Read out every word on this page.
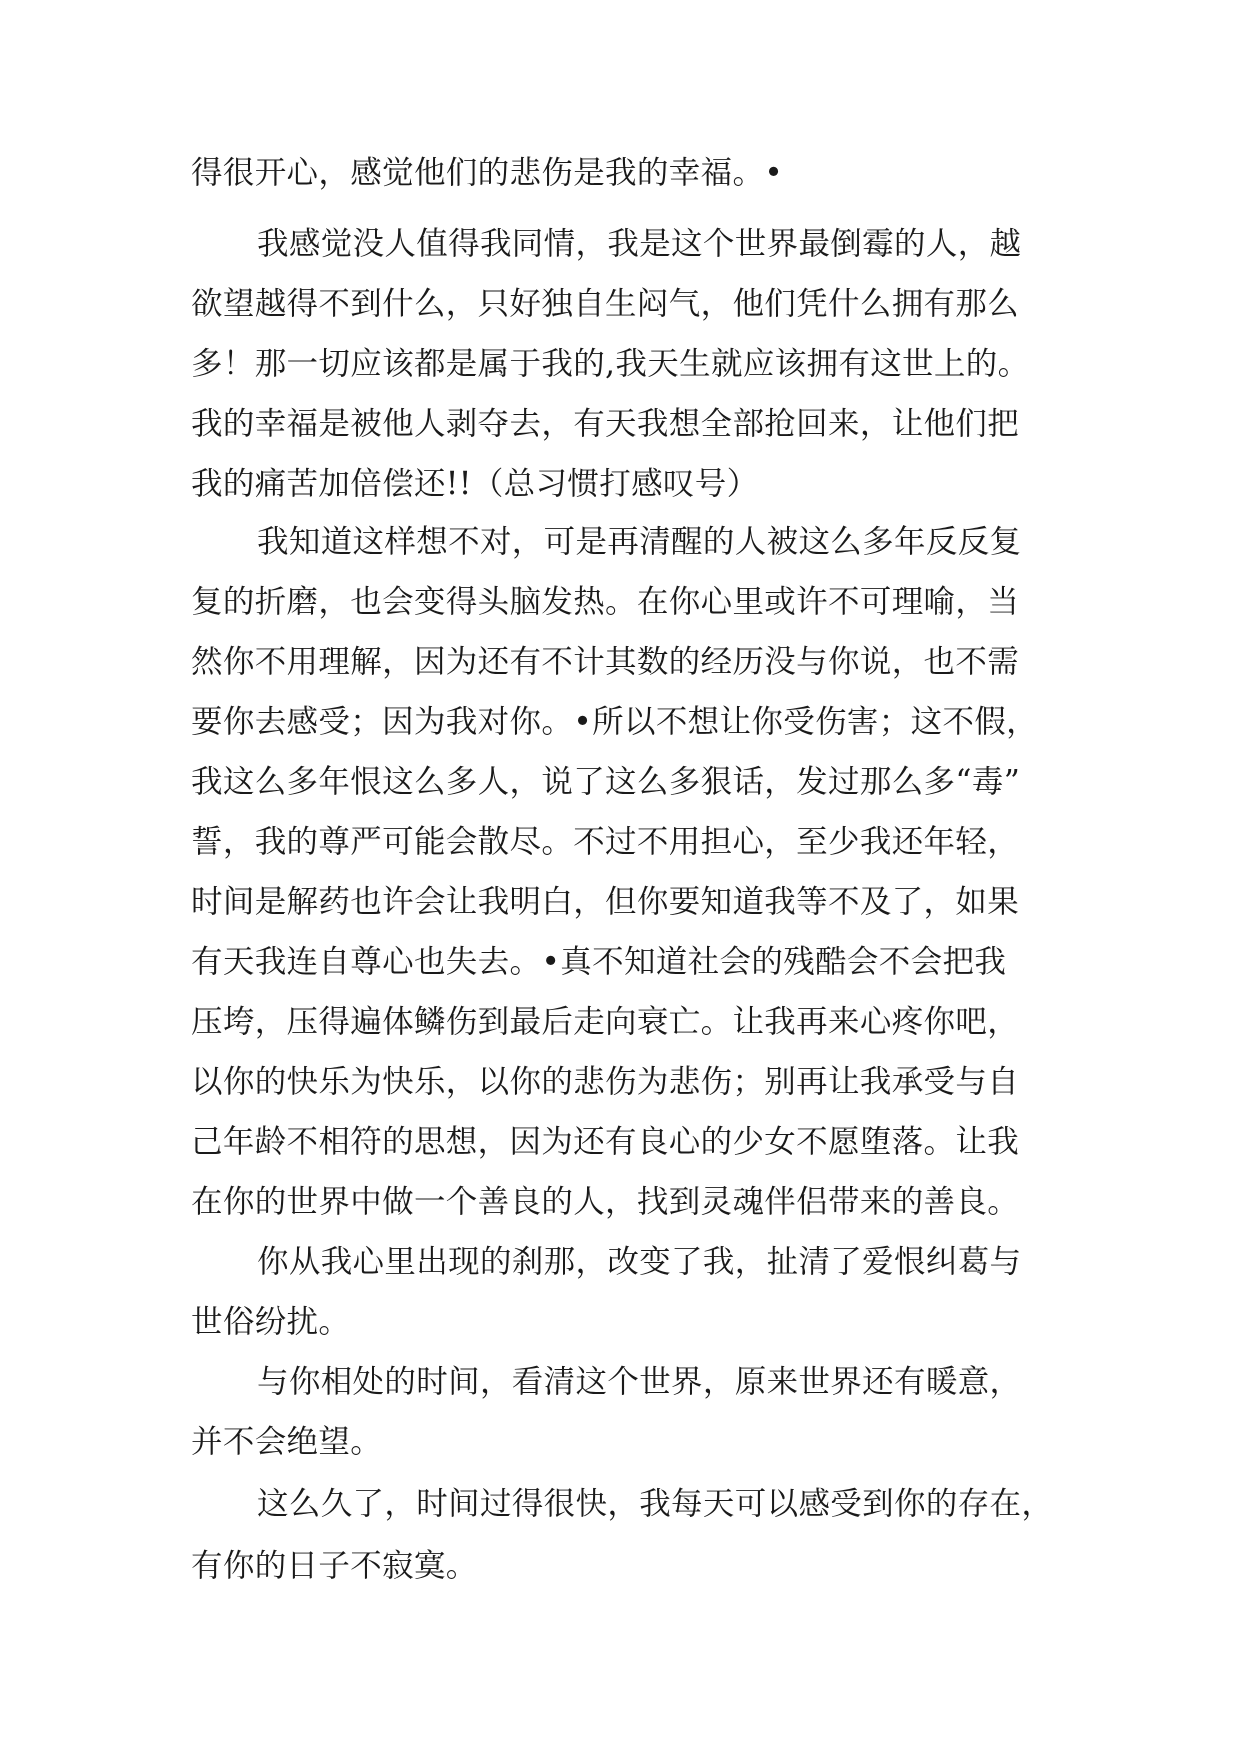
得很开心，感觉他们的悲伤是我的幸福。•
我感觉没人值得我同情，我是这个世界最倒霉的人，越
欲望越得不到什么，只好独自生闷气，他们凭什么拥有那么
多！那一切应该都是属于我的,我天生就应该拥有这世上的。
我的幸福是被他人剥夺去，有天我想全部抢回来，让他们把
我的痛苦加倍偿还!!（总习惯打感叹号）
我知道这样想不对，可是再清醒的人被这么多年反反复
复的折磨，也会变得头脑发热。在你心里或许不可理喻，当
然你不用理解，因为还有不计其数的经历没与你说，也不需
要你去感受；因为我对你。•所以不想让你受伤害；这不假，
我这么多年恨这么多人，说了这么多狠话，发过那么多“毒”
誓，我的尊严可能会散尽。不过不用担心，至少我还年轻，
时间是解药也许会让我明白，但你要知道我等不及了，如果
有天我连自尊心也失去。•真不知道社会的残酷会不会把我
压垮，压得遍体鳞伤到最后走向衰亡。让我再来心疼你吧，
以你的快乐为快乐，以你的悲伤为悲伤；别再让我承受与自
己年龄不相符的思想，因为还有良心的少女不愿堕落。让我
在你的世界中做一个善良的人，找到灵魂伴侣带来的善良。
你从我心里出现的刹那，改变了我，扯清了爱恨纠葛与
世俗纷扰。
与你相处的时间，看清这个世界，原来世界还有暖意，
并不会绝望。
这么久了，时间过得很快，我每天可以感受到你的存在，
有你的日子不寂寞。
